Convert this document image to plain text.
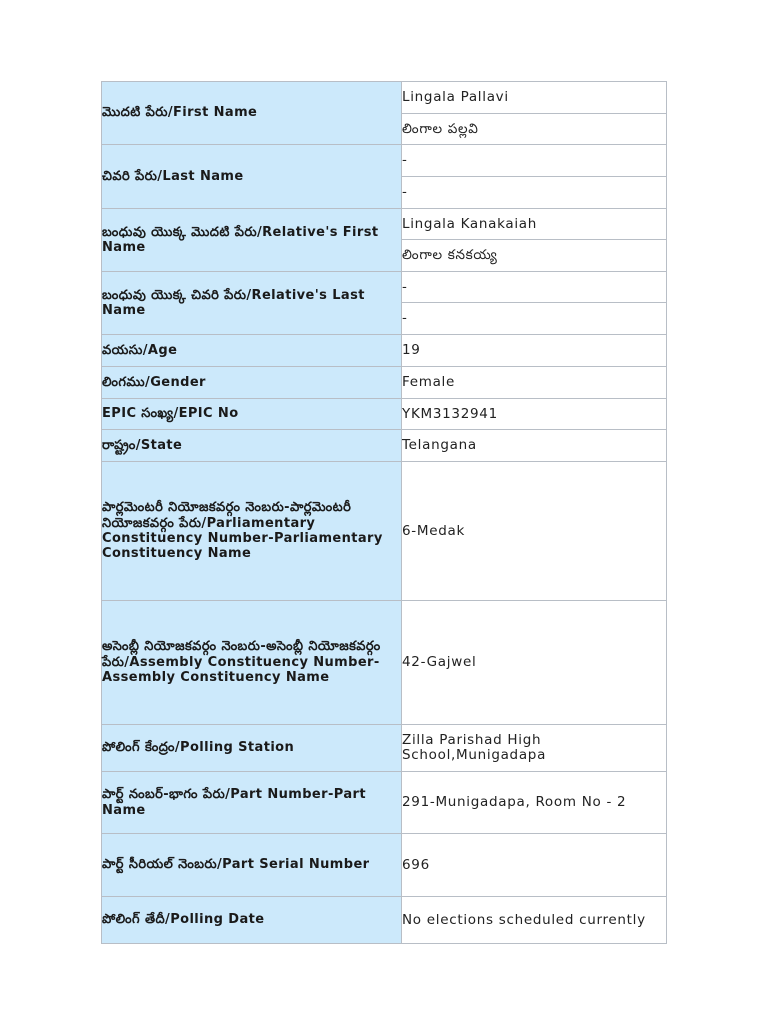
మొదటి పేరు/First Name	Lingala Pallavi
	లింగాల పల్లవి
చివరి పేరు/Last Name	-
	-
బంధువు యొక్క మొదటి పేరు/Relative's First Name	Lingala Kanakaiah
	లింగాల కనకయ్య
బంధువు యొక్క చివరి పేరు/Relative's Last Name	-
	-
వయసు/Age	19
లింగము/Gender	Female
EPIC సంఖ్య/EPIC No	YKM3132941
రాష్ట్రం/State	Telangana
పార్లమెంటరీ నియోజకవర్గం నెంబరు-పార్లమెంటరీ నియోజకవర్గం పేరు/Parliamentary Constituency Number-Parliamentary Constituency Name	6-Medak
అసెంబ్లీ నియోజకవర్గం నెంబరు-అసెంబ్లీ నియోజకవర్గం పేరు/Assembly Constituency Number-Assembly Constituency Name	42-Gajwel
పోలింగ్ కేంద్రం/Polling Station	Zilla Parishad High School,Munigadapa
పార్ట్ నంబర్-భాగం పేరు/Part Number-Part Name	291-Munigadapa, Room No - 2
పార్ట్ సీరియల్ నెంబరు/Part Serial Number	696
పోలింగ్ తేదీ/Polling Date	No elections scheduled currently
